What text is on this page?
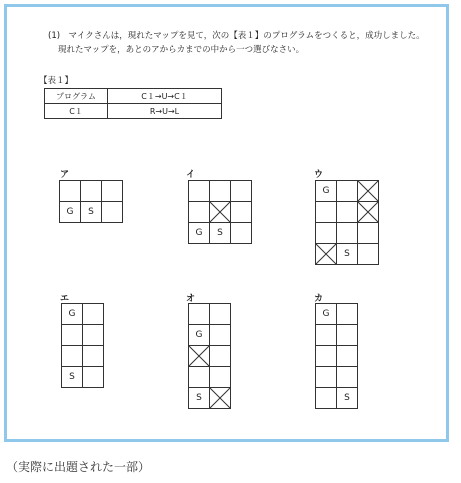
(1)　マイクさんは，現れたマップを見て，次の【表１】のプログラムをつくると，成功しました。
現れたマップを，あとのアからカまでの中から一つ選びなさい。
【表１】
プログラム	C１→U→C１
C１	R→U→L
ア	イ	ウ
エ	オ	カ

G	S	

G	S	
G		

	S	
G	

S	

G	

S	
G	

	S
（実際に出題された一部）
